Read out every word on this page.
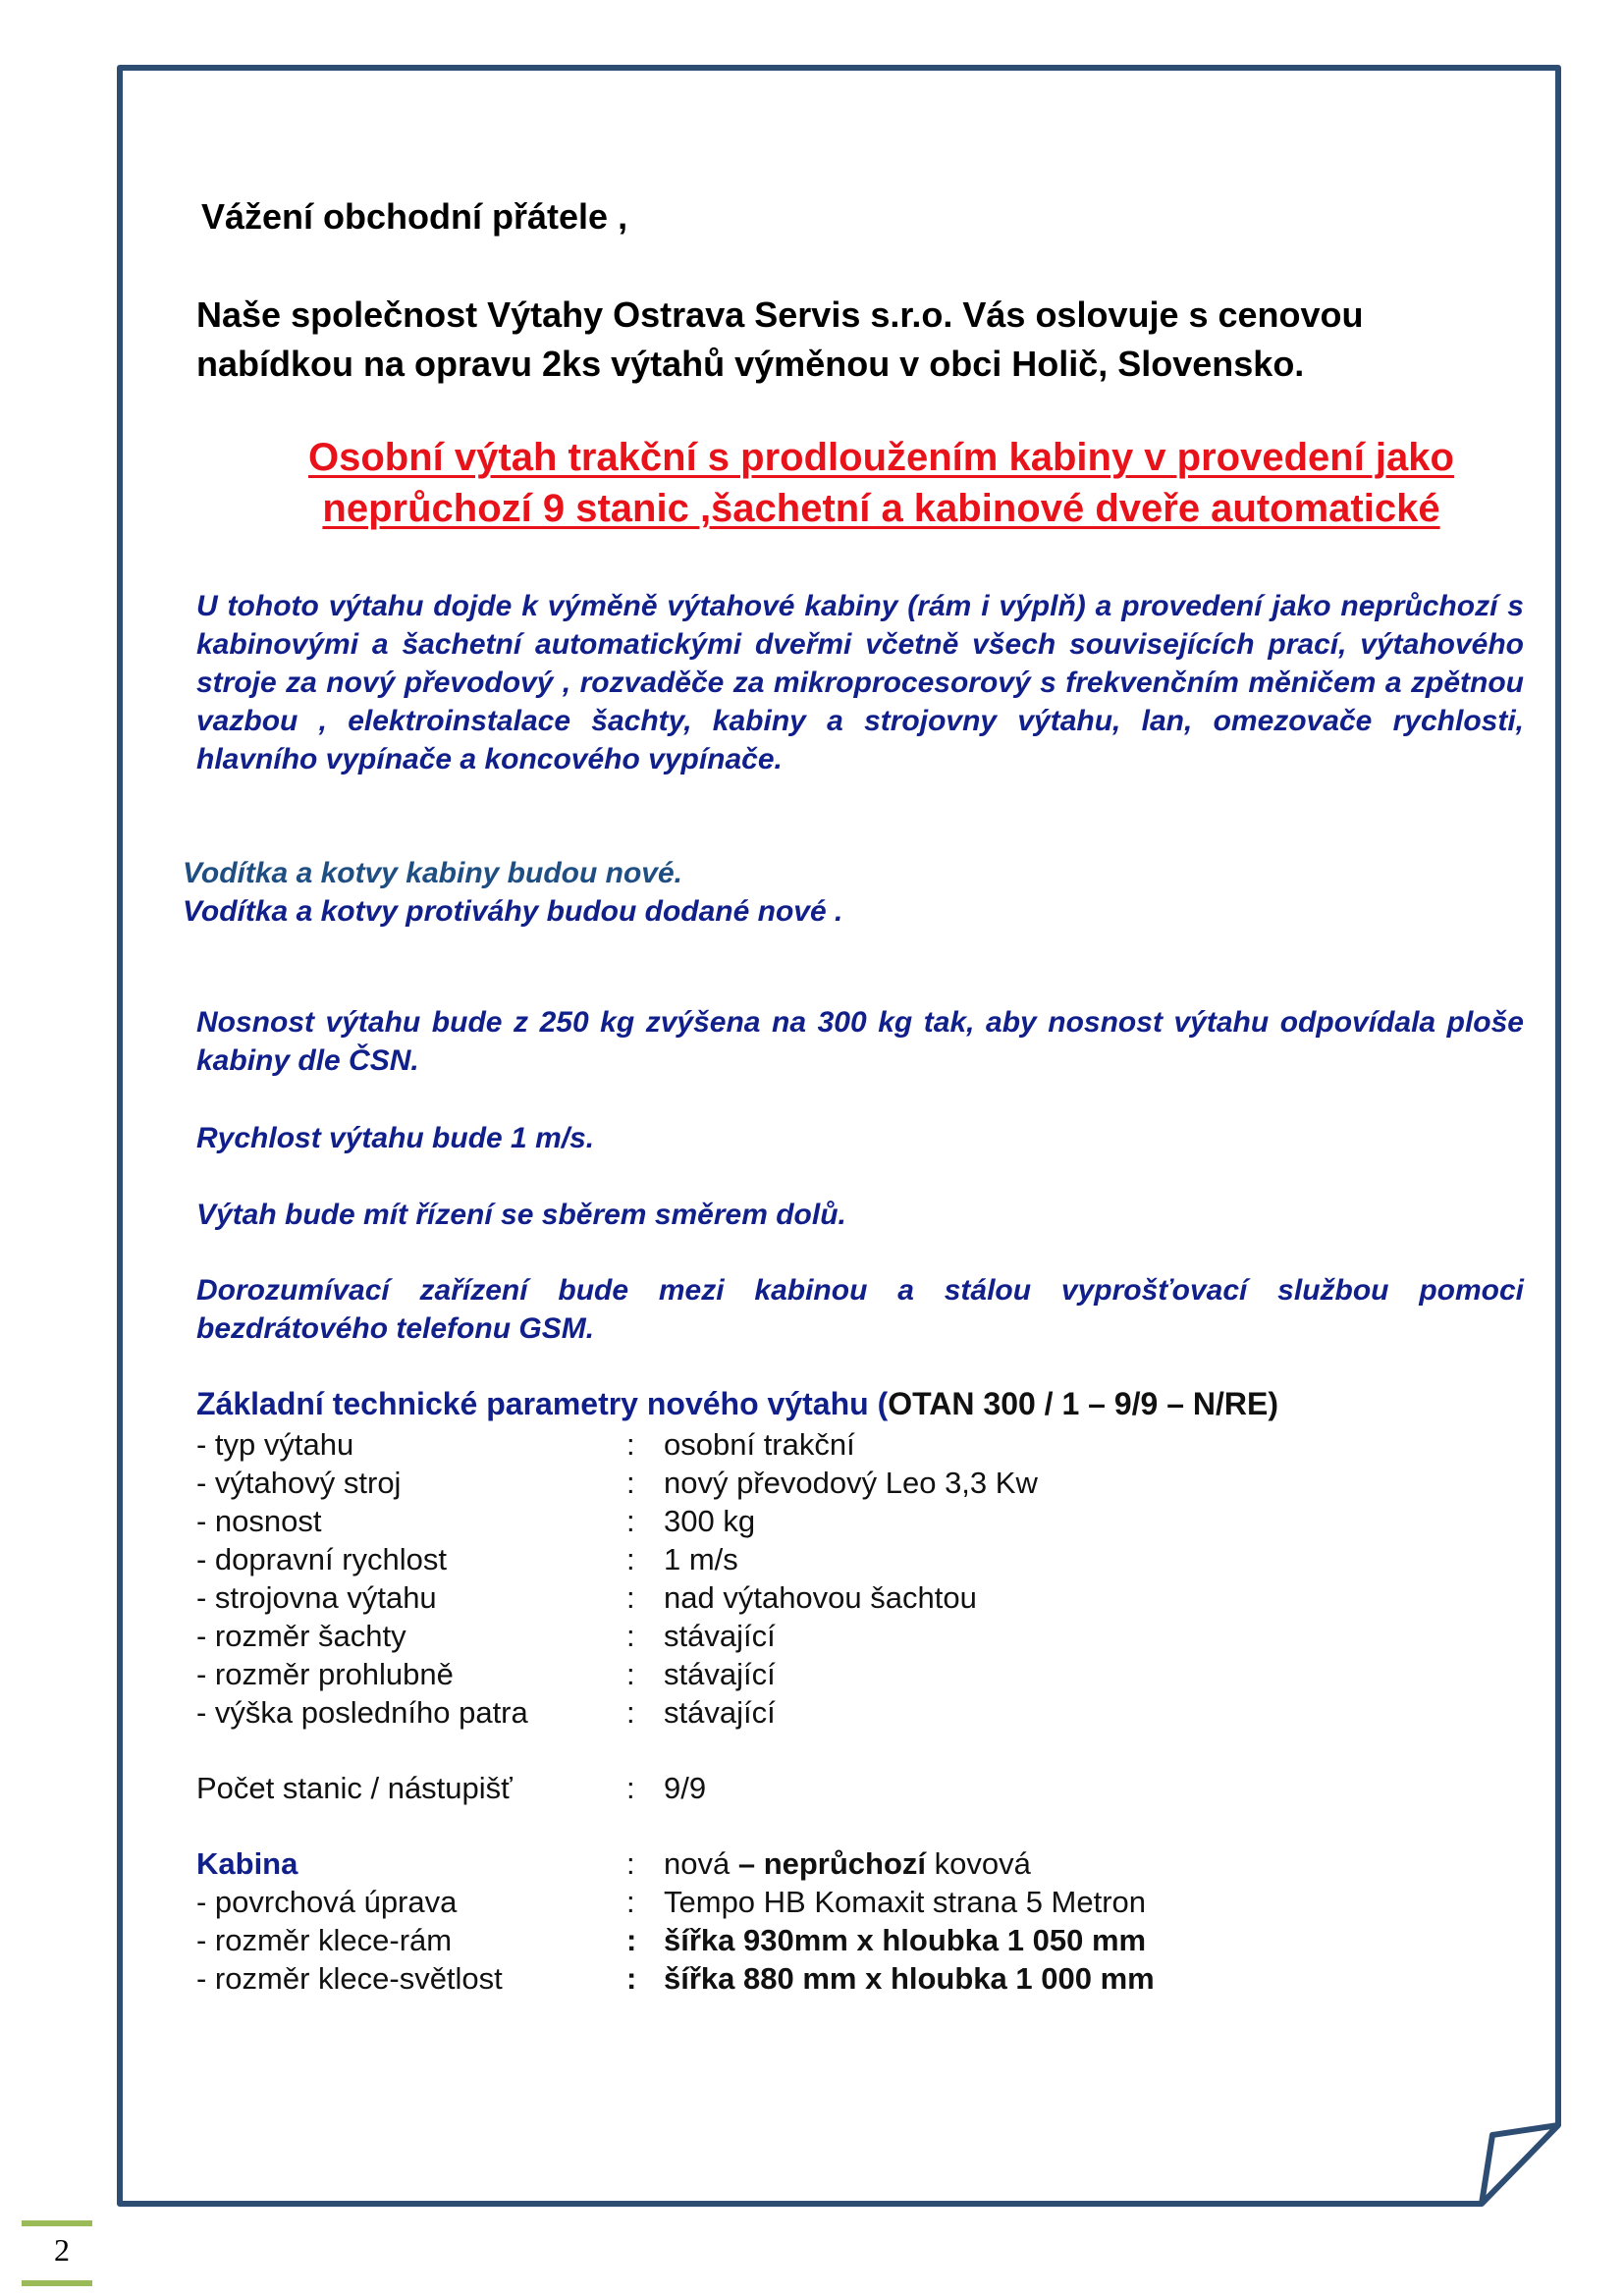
Vážení obchodní přátele ,

Naše společnost Výtahy Ostrava Servis s.r.o. Vás oslovuje s cenovou
nabídkou na opravu 2ks výtahů výměnou v obci Holič, Slovensko.
Osobní výtah trakční s prodloužením kabiny v provedení jako
neprůchozí 9 stanic ,šachetní a kabinové dveře automatické

U tohoto výtahu dojde k výměně výtahové kabiny (rám i výplň) a provedení jako neprůchozí s kabinovými a šachetní automatickými dveřmi včetně všech souvisejících prací, výtahového stroje za nový převodový , rozvaděče za mikroprocesorový s frekvenčním měničem a zpětnou vazbou , elektroinstalace šachty, kabiny a strojovny výtahu, lan, omezovače rychlosti, hlavního vypínače a koncového vypínače.

Vodítka a kotvy kabiny budou nové.
Vodítka a kotvy protiváhy budou dodané nové .

Nosnost výtahu bude z 250 kg zvýšena na 300 kg tak, aby nosnost výtahu odpovídala ploše kabiny dle ČSN.

Rychlost výtahu bude 1 m/s.

Výtah bude mít řízení se sběrem směrem dolů.

Dorozumívací zařízení bude mezi kabinou a stálou vyprošťovací službou pomoci bezdrátového telefonu GSM.

Základní technické parametry nového výtahu (OTAN 300 / 1 – 9/9 – N/RE)
- typ výtahu	: osobní trakční
- výtahový stroj	: nový převodový Leo 3,3 Kw
- nosnost	: 300 kg
- dopravní rychlost	: 1 m/s
- strojovna výtahu	: nad výtahovou šachtou
- rozměr šachty	: stávající
- rozměr prohlubně	: stávající
- výška posledního patra	: stávající
Počet stanic / nástupišť	: 9/9
Kabina	: nová – neprůchozí kovová
- povrchová úprava	: Tempo HB Komaxit strana 5 Metron
- rozměr klece-rám	: šířka 930mm x hloubka 1 050 mm
- rozměr klece-světlost	: šířka 880 mm x hloubka 1 000 mm
2
